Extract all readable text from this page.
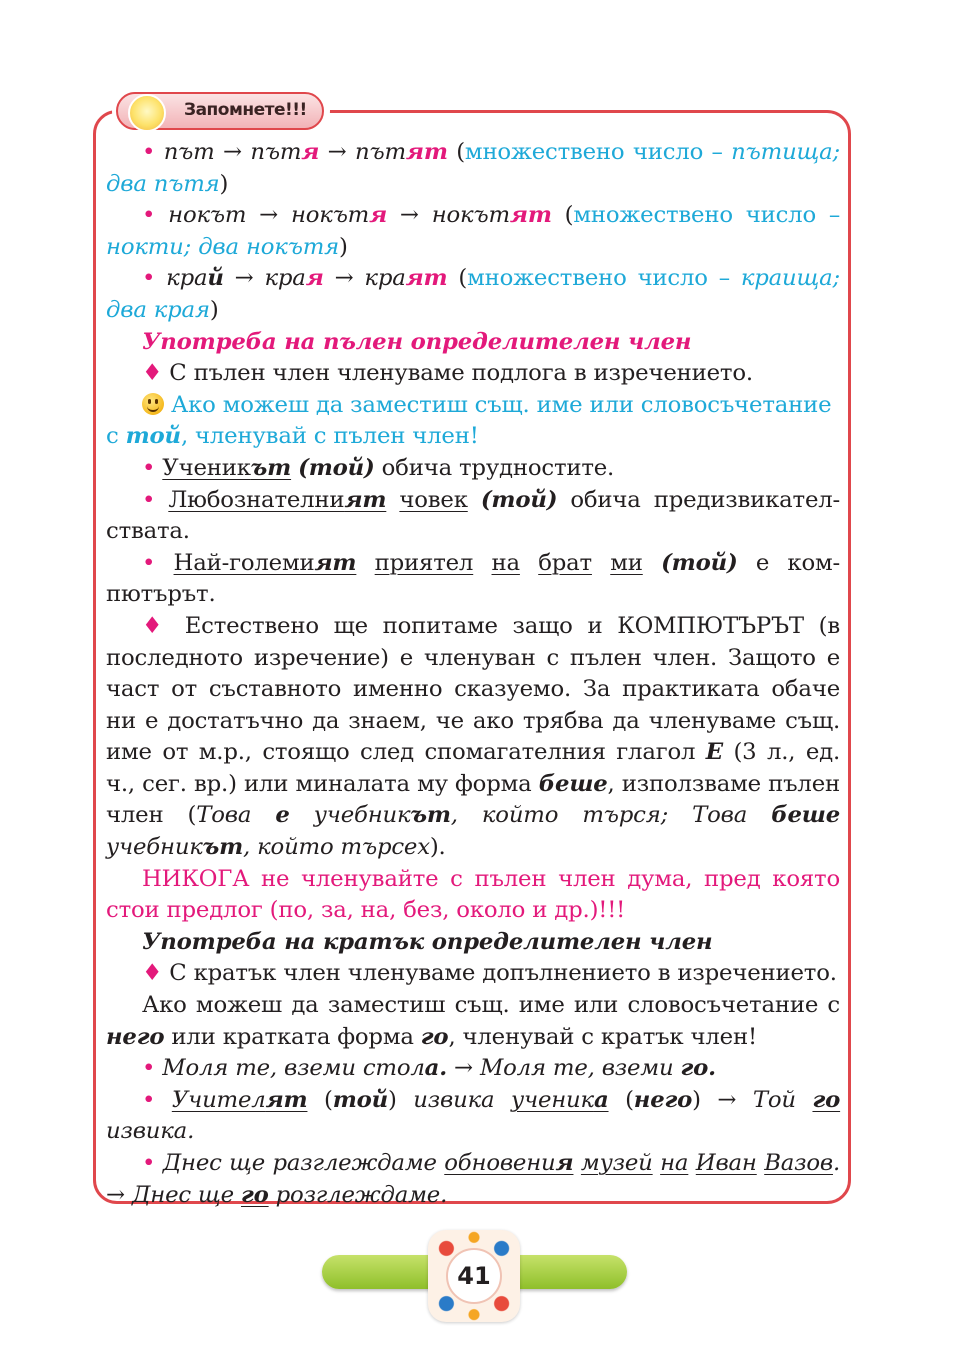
Запомнете!!!

• път → пътя → пътят (множествено число – пътища; два пътя)

• нокът → нокътя → нокътят (множествено число – нокти; два нокътя)

• край → края → краят (множествено число – краища; два края)

Употреба на пълен определителен член

♦ С пълен член членуваме подлога в изречението.

Ако можеш да заместиш същ. име или словосъчетание

с той, членувай с пълен член!

• Ученикът (той) обича трудностите.

• Любознателният човек (той) обича предизвикател-ствата.

• Най-големият приятел на брат ми (той) е ком-пютърът.

♦ Естествено ще попитаме защо и КОМПЮТЪРЪТ (в последното изречение) е членуван с пълен член. Защото е част от съставното именно сказуемо. За практиката обаче ни е достатъчно да знаем, че ако трябва да членуваме същ. име от м.р., стоящо след спомагателния глагол Е (3 л., ед. ч., сег. вр.) или миналата му форма беше, използваме пълен член (Това е учебникът, който търся; Това беше учебникът, който търсех).

НИКОГА не членувайте с пълен член дума, пред която стои предлог (по, за, на, без, около и др.)!!!

Употреба на кратък определителен член

♦ С кратък член членуваме допълнението в изречението.

Ако можеш да заместиш същ. име или словосъчетание с него или кратката форма го, членувай с кратък член!

• Моля те, вземи стола. → Моля те, вземи го.

• Учителят (той) извика ученика (него) → Той го извика.

• Днес ще разглеждаме обновения музей на Иван Вазов. → Днес ще го розглеждаме.

41
